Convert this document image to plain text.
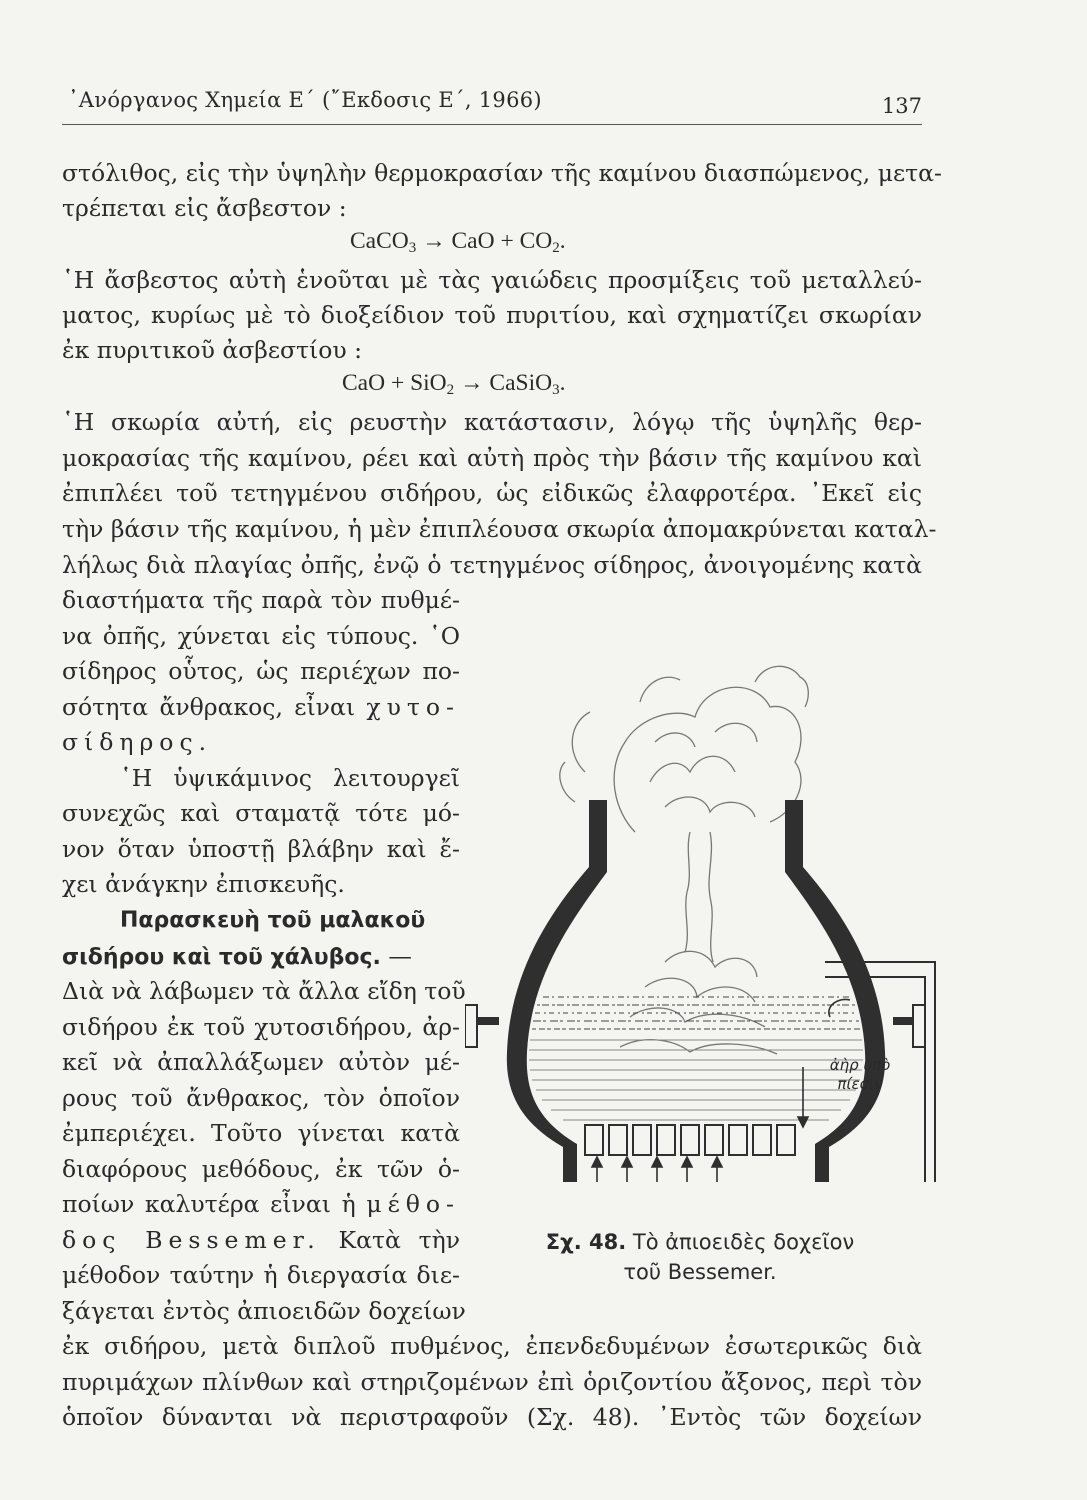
᾿Ανόργανος Χημεία Ε΄ (῎Εκδοσις Ε΄, 1966)	137
στόλιθος, εἰς τὴν ὑψηλὴν θερμοκρασίαν τῆς καμίνου διασπώμενος, μετα-
τρέπεται εἰς ἄσβεστον :
CaCO$_3$ → CaO + $CO_2$.
῾Η ἄσβεστος αὐτὴ ἑνοῦται μὲ τὰς γαιώδεις προσμίξεις τοῦ μεταλλεύ-
ματος, κυρίως μὲ τὸ διοξείδιον τοῦ πυριτίου, καὶ σχηματίζει σκωρίαν
ἐκ πυριτικοῦ ἀσβεστίου :
CaO + SiO$_2$ → CaSiO$_3$.
῾Η σκωρία αὐτή, εἰς ρευστὴν κατάστασιν, λόγῳ τῆς ὑψηλῆς θερ-
μοκρασίας τῆς καμίνου, ρέει καὶ αὐτὴ πρὸς τὴν βάσιν τῆς καμίνου καὶ
ἐπιπλέει τοῦ τετηγμένου σιδήρου, ὡς εἰδικῶς ἐλαφροτέρα. ᾿Εκεῖ εἰς
τὴν βάσιν τῆς καμίνου, ἡ μὲν ἐπιπλέουσα σκωρία ἀπομακρύνεται καταλ-
λήλως διὰ πλαγίας ὀπῆς, ἐνῷ ὁ τετηγμένος σίδηρος, ἀνοιγομένης κατὰ
διαστήματα τῆς παρὰ τὸν πυθμέ-
να ὀπῆς, χύνεται εἰς τύπους. ῾Ο
σίδηρος οὗτος, ὡς περιέχων πο-
σότητα ἄνθρακος, εἶναι χυτο-
σίδηρος.
῾Η ὑψικάμινος λειτουργεῖ
συνεχῶς καὶ σταματᾷ τότε μό-
νον ὅταν ὑποστῇ βλάβην καὶ ἔ-
χει ἀνάγκην ἐπισκευῆς.
Παρασκευὴ τοῦ μαλακοῦ
σιδήρου καὶ τοῦ χάλυβος. —
Διὰ νὰ λάβωμεν τὰ ἄλλα εἴδη τοῦ
σιδήρου ἐκ τοῦ χυτοσιδήρου, ἀρ-
κεῖ νὰ ἀπαλλάξωμεν αὐτὸν μέ-
ρους τοῦ ἄνθρακος, τὸν ὁποῖον
ἐμπεριέχει. Τοῦτο γίνεται κατὰ
διαφόρους μεθόδους, ἐκ τῶν ὁ-
ποίων καλυτέρα εἶναι ἡ μέθο-
δος Bessemer. Κατὰ τὴν
μέθοδον ταύτην ἡ διεργασία διε-
ξάγεται ἐντὸς ἀπιοειδῶν δοχείων
ἐκ σιδήρου, μετὰ διπλοῦ πυθμένος, ἐπενδεδυμένων ἐσωτερικῶς διὰ
πυριμάχων πλίνθων καὶ στηριζομένων ἐπὶ ὁριζοντίου ἄξονος, περὶ τὸν
ὁποῖον δύνανται νὰ περιστραφοῦν (Σχ. 48). ᾿Εντὸς τῶν δοχείων
ἀὴρ ὑπὸ
πίεσιν
Σχ. 48. Τὸ ἀπιοειδὲς δοχεῖον
τοῦ Bessemer.
